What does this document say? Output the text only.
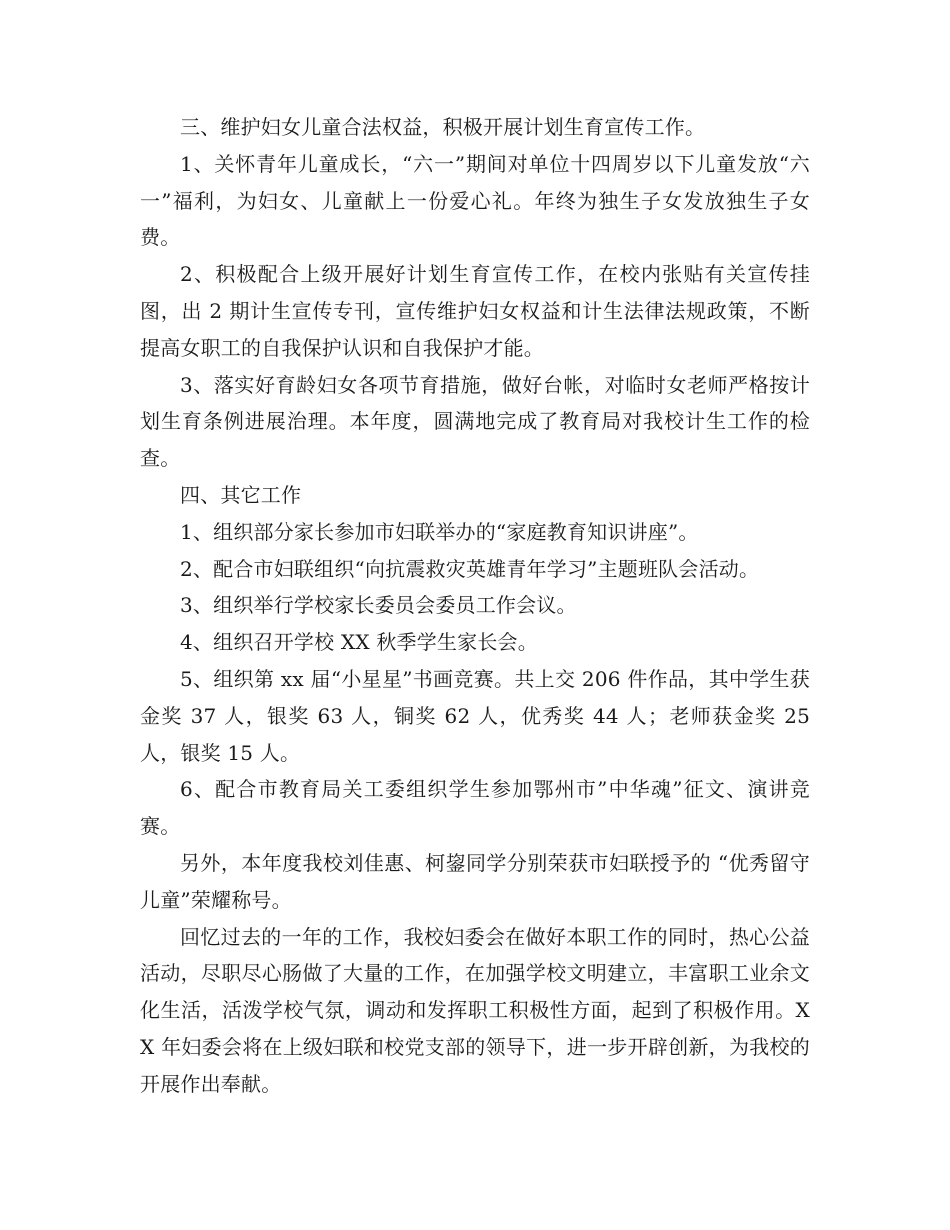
三、维护妇女儿童合法权益，积极开展计划生育宣传工作。

1、关怀青年儿童成长，“六一”期间对单位十四周岁以下儿童发放“六一”福利，为妇女、儿童献上一份爱心礼。年终为独生子女发放独生子女费。

2、积极配合上级开展好计划生育宣传工作，在校内张贴有关宣传挂图，出 2 期计生宣传专刊，宣传维护妇女权益和计生法律法规政策，不断提高女职工的自我保护认识和自我保护才能。

3、落实好育龄妇女各项节育措施，做好台帐，对临时女老师严格按计划生育条例进展治理。本年度，圆满地完成了教育局对我校计生工作的检查。

四、其它工作

1、组织部分家长参加市妇联举办的“家庭教育知识讲座”。

2、配合市妇联组织“向抗震救灾英雄青年学习”主题班队会活动。

3、组织举行学校家长委员会委员工作会议。

4、组织召开学校 XX 秋季学生家长会。

5、组织第 xx 届“小星星”书画竞赛。共上交 206 件作品，其中学生获金奖 37 人，银奖 63 人，铜奖 62 人，优秀奖 44 人；老师获金奖 25 人，银奖 15 人。

6、配合市教育局关工委组织学生参加鄂州市”中华魂”征文、演讲竞赛。

另外，本年度我校刘佳惠、柯鋆同学分别荣获市妇联授予的 “优秀留守儿童”荣耀称号。

回忆过去的一年的工作，我校妇委会在做好本职工作的同时，热心公益活动，尽职尽心肠做了大量的工作，在加强学校文明建立，丰富职工业余文化生活，活泼学校气氛，调动和发挥职工积极性方面，起到了积极作用。XX 年妇委会将在上级妇联和校党支部的领导下，进一步开辟创新，为我校的开展作出奉献。
